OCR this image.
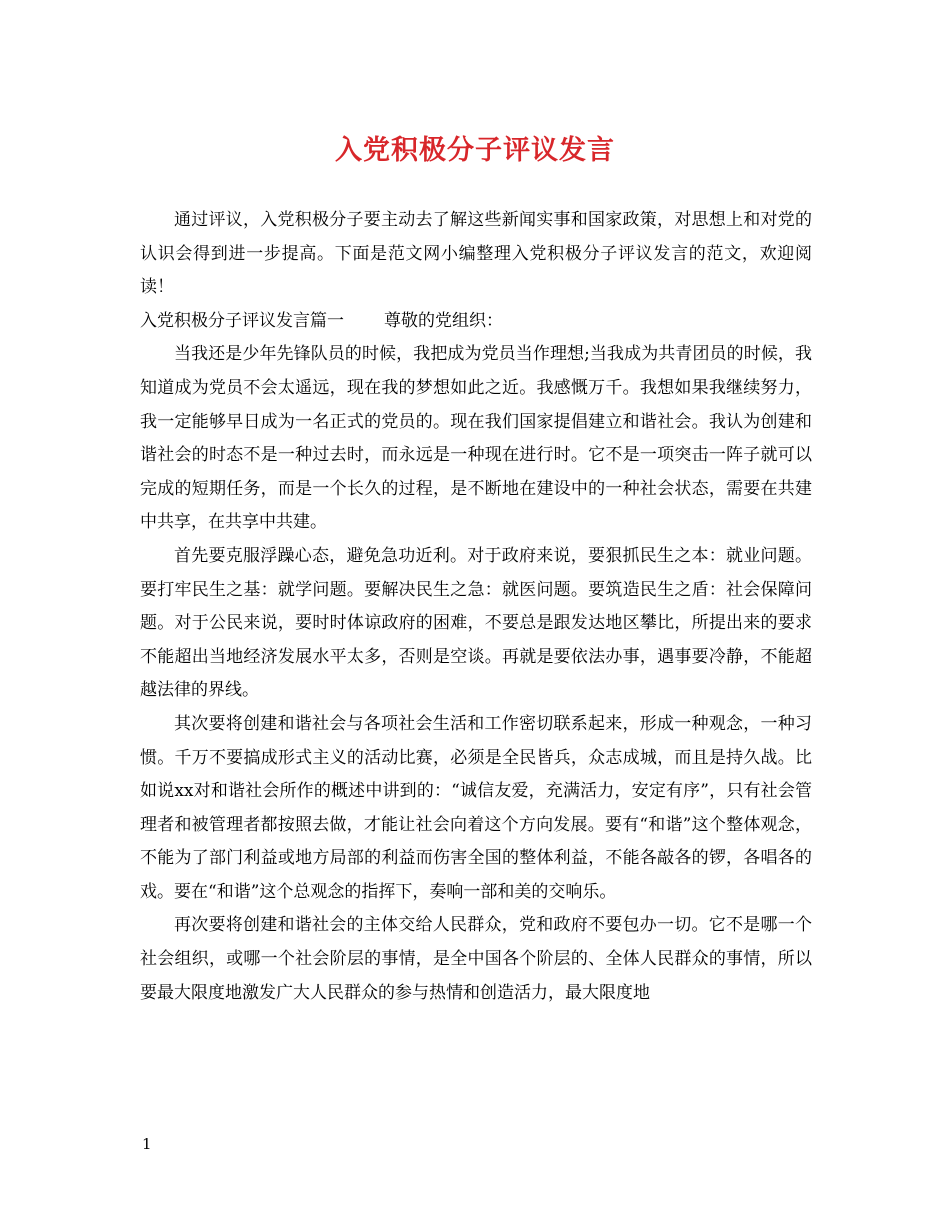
入党积极分子评议发言

通过评议，入党积极分子要主动去了解这些新闻实事和国家政策，对思想上和对党的认识会得到进一步提高。下面是范文网小编整理入党积极分子评议发言的范文，欢迎阅读！

入党积极分子评议发言篇一 尊敬的党组织：

当我还是少年先锋队员的时候，我把成为党员当作理想;当我成为共青团员的时候，我知道成为党员不会太遥远，现在我的梦想如此之近。我感慨万千。我想如果我继续努力，我一定能够早日成为一名正式的党员的。现在我们国家提倡建立和谐社会。我认为创建和谐社会的时态不是一种过去时，而永远是一种现在进行时。它不是一项突击一阵子就可以完成的短期任务，而是一个长久的过程，是不断地在建设中的一种社会状态，需要在共建中共享，在共享中共建。

首先要克服浮躁心态，避免急功近利。对于政府来说，要狠抓民生之本：就业问题。要打牢民生之基：就学问题。要解决民生之急：就医问题。要筑造民生之盾：社会保障问题。对于公民来说，要时时体谅政府的困难，不要总是跟发达地区攀比，所提出来的要求不能超出当地经济发展水平太多，否则是空谈。再就是要依法办事，遇事要冷静，不能超越法律的界线。

其次要将创建和谐社会与各项社会生活和工作密切联系起来，形成一种观念，一种习惯。千万不要搞成形式主义的活动比赛，必须是全民皆兵，众志成城，而且是持久战。比如说xx对和谐社会所作的概述中讲到的：“诚信友爱，充满活力，安定有序”，只有社会管理者和被管理者都按照去做，才能让社会向着这个方向发展。要有“和谐”这个整体观念，不能为了部门利益或地方局部的利益而伤害全国的整体利益，不能各敲各的锣，各唱各的戏。要在“和谐”这个总观念的指挥下，奏响一部和美的交响乐。

再次要将创建和谐社会的主体交给人民群众，党和政府不要包办一切。它不是哪一个社会组织，或哪一个社会阶层的事情，是全中国各个阶层的、全体人民群众的事情，所以要最大限度地激发广大人民群众的参与热情和创造活力，最大限度地

1
